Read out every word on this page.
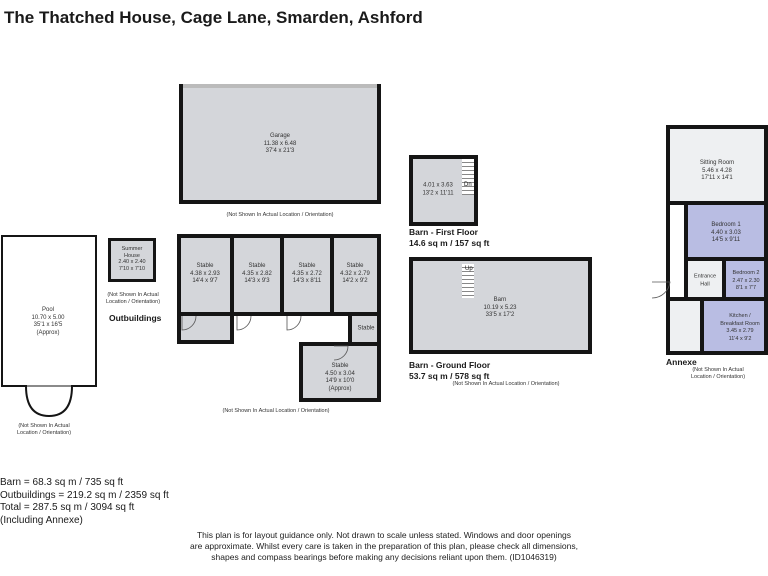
The Thatched House, Cage Lane, Smarden, Ashford
Garage
11.38 x 6.48
37'4 x 21'3
(Not Shown In Actual Location / Orientation)
Summer
House
2.40 x 2.40
7'10 x 7'10
(Not Shown In Actual
Location / Orientation)
Outbuildings
Pool
10.70 x 5.00
35'1 x 16'5
(Approx)
(Not Shown In Actual
Location / Orientation)
Stable
4.38 x 2.93
14'4 x 9'7
Stable
4.35 x 2.82
14'3 x 9'3
Stable
4.35 x 2.72
14'3 x 8'11
Stable
4.32 x 2.79
14'2 x 9'2
Stable
Stable
4.50 x 3.04
14'9 x 10'0
(Approx)
(Not Shown In Actual Location / Orientation)
Dn
4.01 x 3.63
13'2 x 11'11
Barn - First Floor
14.6 sq m / 157 sq ft
Up
Barn
10.19 x 5.23
33'5 x 17'2
Barn - Ground Floor
53.7 sq m / 578 sq ft
(Not Shown In Actual Location / Orientation)
Sitting Room
5.46 x 4.28
17'11 x 14'1
Bedroom 1
4.40 x 3.03
14'5 x 9'11
Bedroom 2
2.47 x 2.30
8'1 x 7'7
Entrance
Hall
Kitchen /
Breakfast Room
3.45 x 2.79
11'4 x 9'2
Annexe
(Not Shown In Actual
Location / Orientation)
Barn = 68.3 sq m / 735 sq ft
Outbuildings = 219.2 sq m / 2359 sq ft
Total = 287.5 sq m / 3094 sq ft
(Including Annexe)
This plan is for layout guidance only. Not drawn to scale unless stated. Windows and door openings
are approximate. Whilst every care is taken in the preparation of this plan, please check all dimensions,
shapes and compass bearings before making any decisions reliant upon them. (ID1046319)
